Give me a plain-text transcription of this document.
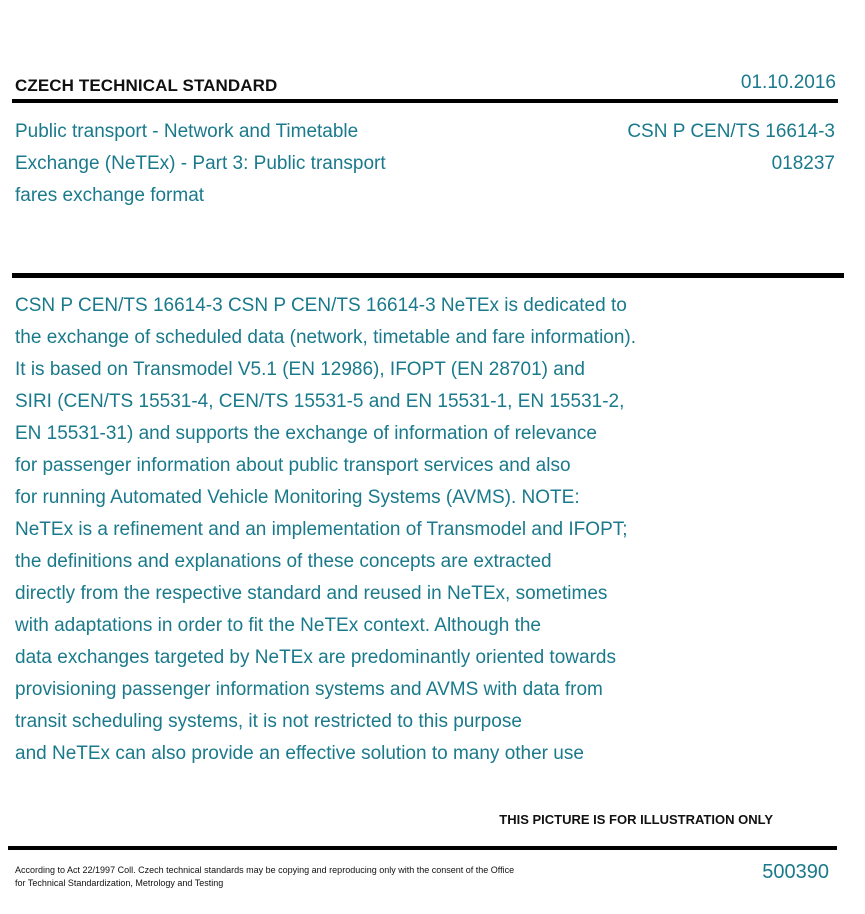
CZECH TECHNICAL STANDARD	01.10.2016
Public transport - Network and Timetable
Exchange (NeTEx) - Part 3: Public transport
fares exchange format
CSN P CEN/TS 16614-3
018237
CSN P CEN/TS 16614-3 CSN P CEN/TS 16614-3 NeTEx is dedicated to
the exchange of scheduled data (network, timetable and fare information).
It is based on Transmodel V5.1 (EN 12986), IFOPT (EN 28701) and
SIRI (CEN/TS 15531-4, CEN/TS 15531-5 and EN 15531-1, EN 15531-2,
EN 15531-31) and supports the exchange of information of relevance
for passenger information about public transport services and also
for running Automated Vehicle Monitoring Systems (AVMS). NOTE:
NeTEx is a refinement and an implementation of Transmodel and IFOPT;
the definitions and explanations of these concepts are extracted
directly from the respective standard and reused in NeTEx, sometimes
with adaptations in order to fit the NeTEx context. Although the
data exchanges targeted by NeTEx are predominantly oriented towards
provisioning passenger information systems and AVMS with data from
transit scheduling systems, it is not restricted to this purpose
and NeTEx can also provide an effective solution to many other use
THIS PICTURE IS FOR ILLUSTRATION ONLY
According to Act 22/1997 Coll. Czech technical standards may be copying and reproducing only with the consent of the Office
for Technical Standardization, Metrology and Testing	500390
